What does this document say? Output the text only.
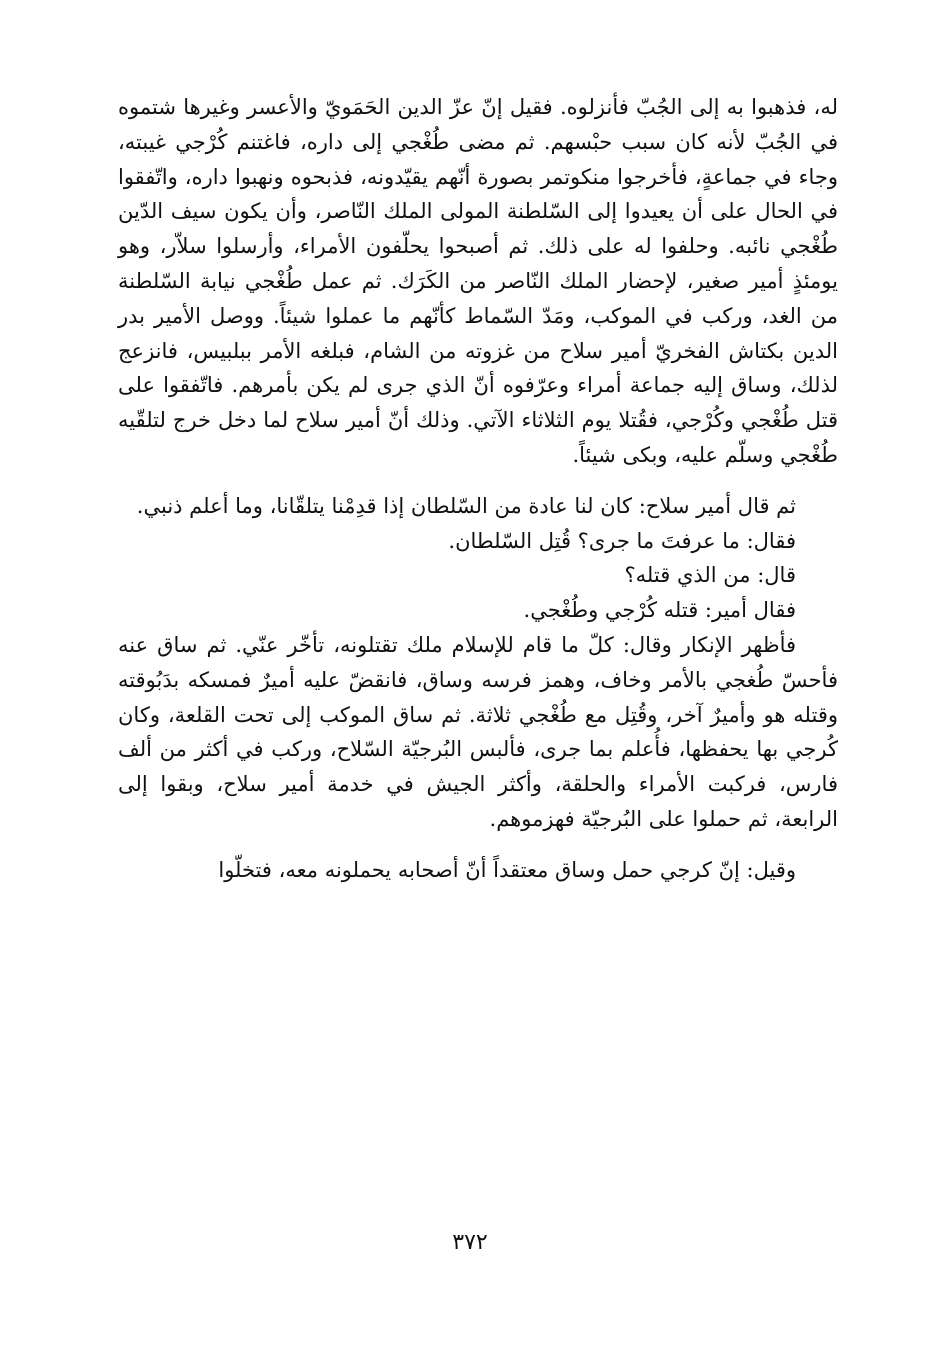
له، فذهبوا به إلى الجُبّ فأنزلوه. فقيل إنّ عزّ الدين الحَمَويّ والأعسر وغيرها شتموه في الجُبّ لأنه كان سبب حبْسهم. ثم مضى طُغْجي إلى داره، فاغتنم كُرْجي غيبته، وجاء في جماعةٍ، فأخرجوا منكوتمر بصورة أنّهم يقيّدونه، فذبحوه ونهبوا داره، واتّفقوا في الحال على أن يعيدوا إلى السّلطنة المولى الملك النّاصر، وأن يكون سيف الدّين طُغْجي نائبه. وحلفوا له على ذلك. ثم أصبحوا يحلّفون الأمراء، وأرسلوا سلاّر، وهو يومئذٍ أمير صغير، لإحضار الملك النّاصر من الكَرَك. ثم عمل طُغْجي نيابة السّلطنة من الغد، وركب في الموكب، ومَدّ السّماط كأنّهم ما عملوا شيئاً. ووصل الأمير بدر الدين بكتاش الفخريّ أمير سلاح من غزوته من الشام، فبلغه الأمر ببلبيس، فانزعج لذلك، وساق إليه جماعة أمراء وعرّفوه أنّ الذي جرى لم يكن بأمرهم. فاتّفقوا على قتل طُغْجي وكُرْجي، فقُتلا يوم الثلاثاء الآتي. وذلك أنّ أمير سلاح لما دخل خرج لتلقّيه طُغْجي وسلّم عليه، وبكى شيئاً.

ثم قال أمير سلاح: كان لنا عادة من السّلطان إذا قدِمْنا يتلقّانا، وما أعلم ذنبي.

فقال: ما عرفتَ ما جرى؟ قُتِل السّلطان.

قال: من الذي قتله؟

فقال أمير: قتله كُرْجي وطُغْجي.

فأظهر الإنكار وقال: كلّ ما قام للإسلام ملك تقتلونه، تأخّر عنّي. ثم ساق عنه فأحسّ طُغجي بالأمر وخاف، وهمز فرسه وساق، فانقضّ عليه أميرٌ فمسكه بدَبُوقته وقتله هو وأميرٌ آخر، وقُتِل مع طُغْجي ثلاثة. ثم ساق الموكب إلى تحت القلعة، وكان كُرجي بها يحفظها، فأُعلم بما جرى، فألبس البُرجيّة السّلاح، وركب في أكثر من ألف فارس، فركبت الأمراء والحلقة، وأكثر الجيش في خدمة أمير سلاح، وبقوا إلى الرابعة، ثم حملوا على البُرجيّة فهزموهم.

وقيل: إنّ كرجي حمل وساق معتقداً أنّ أصحابه يحملونه معه، فتخلّوا

٣٧٢
